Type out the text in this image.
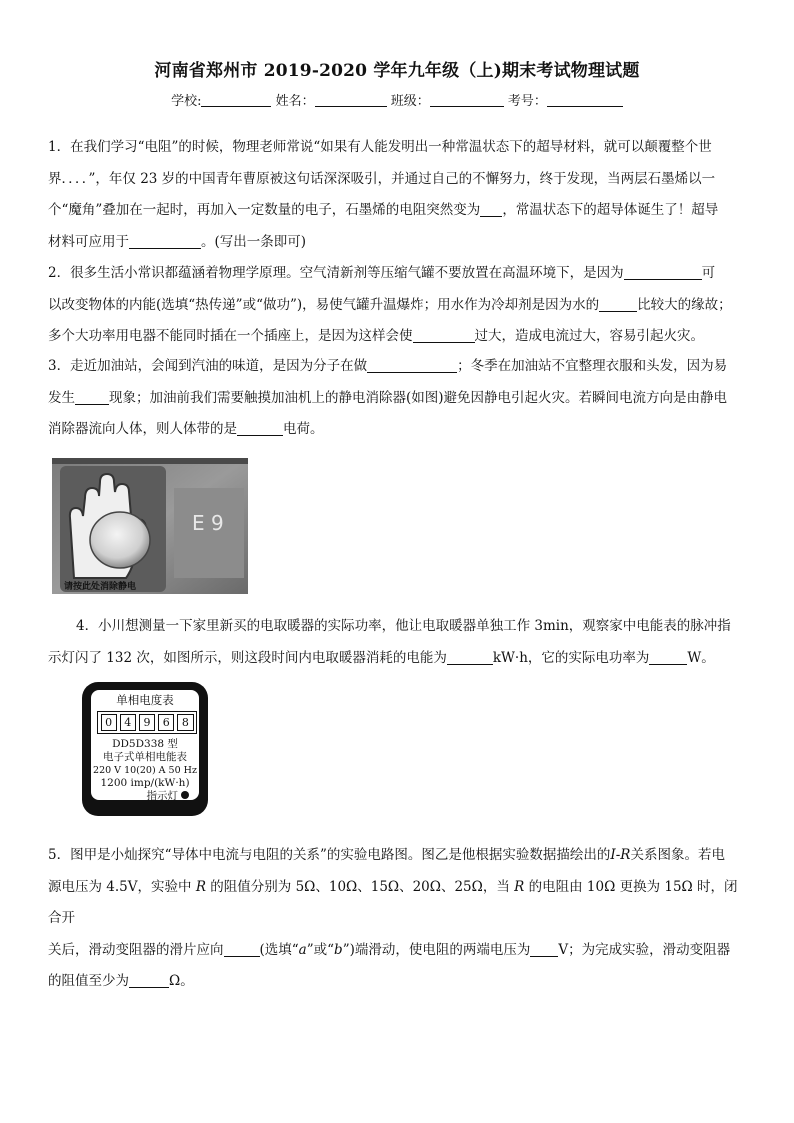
河南省郑州市 2019-2020 学年九年级（上)期末考试物理试题
学校:	姓名：	班级：	考号：

1．在我们学习“电阻”的时候，物理老师常说“如果有人能发明出一种常温状态下的超导材料，就可以颠覆整个世

界．．．．”，年仅 23 岁的中国青年曹原被这句话深深吸引，并通过自己的不懈努力，终于发现，当两层石墨烯以一

个“魔角”叠加在一起时，再加入一定数量的电子，石墨烯的电阻突然变为 ，常温状态下的超导体诞生了！超导

材料可应用于	。(写出一条即可)

2．很多生活小常识都蕴涵着物理学原理。空气清新剂等压缩气罐不要放置在高温环境下，是因为	可

以改变物体的内能(选填“热传递”或“做功”)，易使气罐升温爆炸；用水作为冷却剂是因为水的	比较大的缘故；

多个大功率用电器不能同时插在一个插座上，是因为这样会使	过大，造成电流过大，容易引起火灾。

3．走近加油站，会闻到汽油的味道，是因为分子在做	；冬季在加油站不宜整理衣服和头发，因为易

发生	现象；加油前我们需要触摸加油机上的静电消除器(如图)避免因静电引起火灾。若瞬间电流方向是由静电

消除器流向人体，则人体带的是	电荷。

E 9
请按此处消除静电

4．小川想测量一下家里新买的电取暖器的实际功率，他让电取暖器单独工作 3min，观察家中电能表的脉冲指

示灯闪了 132 次，如图所示，则这段时间内电取暖器消耗的电能为	kW·h，它的实际电功率为	W。

单相电度表
0	4	9	6	8
DD5D338 型
电子式单相电能表
220 V 10(20) A 50 Hz
1200 imp/(kW·h)
指示灯

5．图甲是小灿探究“导体中电流与电阻的关系”的实验电路图。图乙是他根据实验数据描绘出的I-R关系图象。若电

源电压为 4.5V，实验中 R 的阻值分别为 5Ω、10Ω、15Ω、20Ω、25Ω，当 R 的电阻由 10Ω 更换为 15Ω 时，闭合开

关后，滑动变阻器的滑片应向	(选填“a”或“b”)端滑动，使电阻的两端电压为 V；为完成实验，滑动变阻器

的阻值至少为	Ω。
